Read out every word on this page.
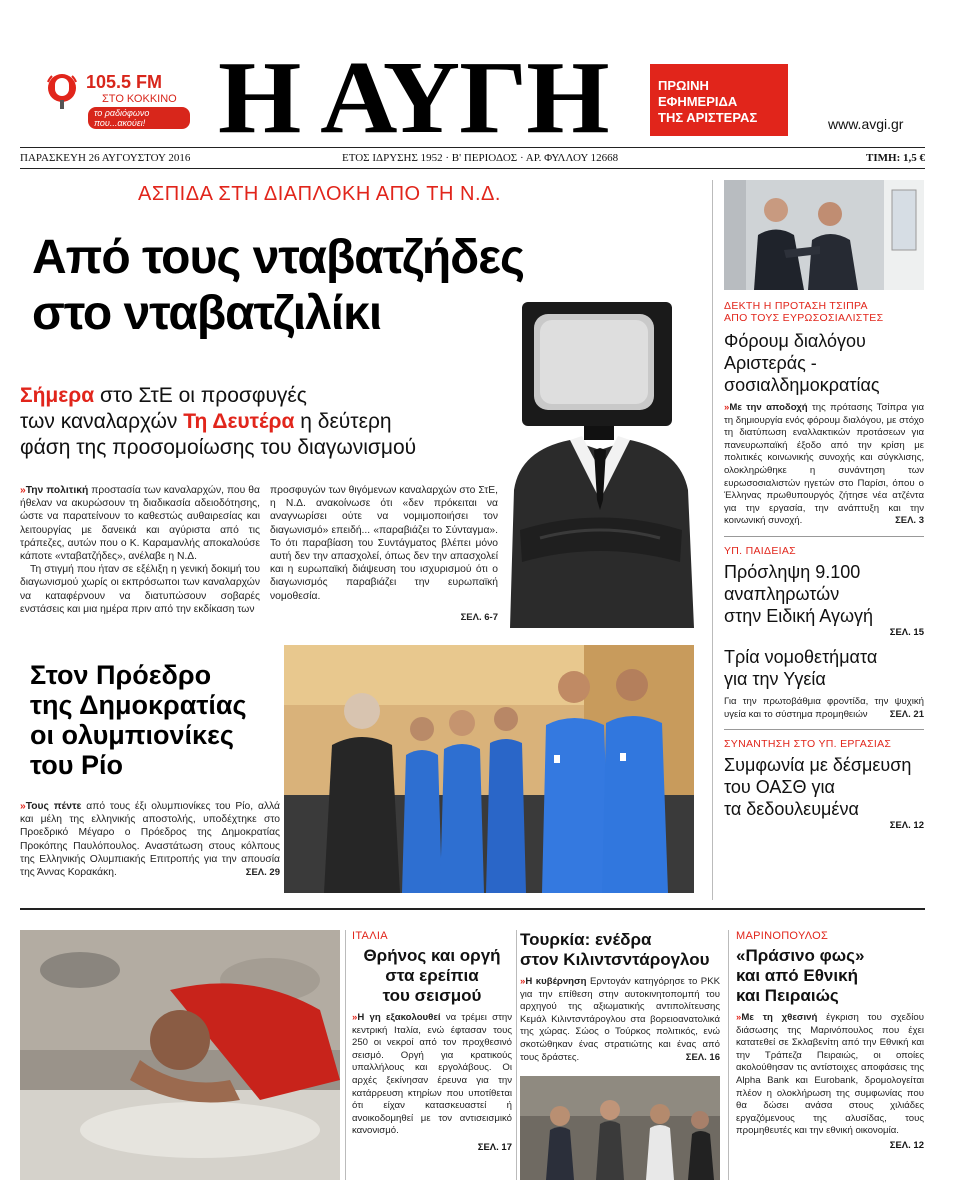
105.5 FM
ΣΤΟ ΚΟΚΚΙΝΟ
το ραδιόφωνο που...ακούει! Η ΑΥΓΗ	ΠΡΩΙΝΗ
ΕΦΗΜΕΡΙΔΑ
ΤΗΣ ΑΡΙΣΤΕΡΑΣ	www.avgi.gr
ΠΑΡΑΣΚΕΥΗ 26 ΑΥΓΟΥΣΤΟΥ 2016	ΕΤΟΣ ΙΔΡΥΣΗΣ 1952 · Β' ΠΕΡΙΟΔΟΣ · ΑΡ. ΦΥΛΛΟΥ 12668	ΤΙΜΗ: 1,5 €
ΑΣΠΙΔΑ ΣΤΗ ΔΙΑΠΛΟΚΗ ΑΠΟ ΤΗ Ν.Δ.
Από τους νταβατζήδες
στο νταβατζιλίκι
Σήμερα στο ΣτΕ οι προσφυγές
των καναλαρχών Τη Δευτέρα η δεύτερη
φάση της προσομοίωσης του διαγωνισμού

»Την πολιτική προστασία των καναλαρχών, που θα ήθελαν να ακυρώσουν τη διαδικασία αδειοδότησης, ώστε να παρατείνουν το καθεστώς αυθαιρεσίας και λειτουργίας με δανεικά και αγύριστα από τις τράπεζες, αυτών που ο Κ. Καραμανλής αποκαλούσε κάποτε «νταβατζήδες», ανέλαβε η Ν.Δ.

Τη στιγμή που ήταν σε εξέλιξη η γενική δοκιμή του διαγωνισμού χωρίς οι εκπρόσωποι των καναλαρχών να καταφέρνουν να διατυπώσουν σοβαρές ενστάσεις και μια ημέρα πριν από την εκδίκαση των

προσφυγών των θιγόμενων καναλαρχών στο ΣτΕ, η Ν.Δ. ανακοίνωσε ότι «δεν πρόκειται να αναγνωρίσει ούτε να νομιμοποιήσει τον διαγωνισμό» επειδή... «παραβιάζει το Σύνταγμα». Το ότι παραβίαση του Συντάγματος βλέπει μόνο αυτή δεν την απασχολεί, όπως δεν την απασχολεί και η ευρωπαϊκή διάψευση του ισχυρισμού ότι ο διαγωνισμός παραβιάζει την ευρωπαϊκή νομοθεσία.

ΣΕΛ. 6-7

ΔΕΚΤΗ Η ΠΡΟΤΑΣΗ ΤΣΙΠΡΑ
ΑΠΟ ΤΟΥΣ ΕΥΡΩΣΟΣΙΑΛΙΣΤΕΣ
Φόρουμ διαλόγου
Αριστεράς -
σοσιαλδημοκρατίας

»Με την αποδοχή της πρότασης Τσίπρα για τη δημιουργία ενός φόρουμ διαλόγου, με στόχο τη διατύπωση εναλλακτικών προτάσεων για πανευρωπαϊκή έξοδο από την κρίση με πολιτικές κοινωνικής συνοχής και σύγκλισης, ολοκληρώθηκε η συνάντηση των ευρωσοσιαλιστών ηγετών στο Παρίσι, όπου ο Έλληνας πρωθυπουργός ζήτησε νέα ατζέντα για την εργασία, την ανάπτυξη και την κοινωνική συνοχή.	ΣΕΛ. 3

ΥΠ. ΠΑΙΔΕΙΑΣ
Πρόσληψη 9.100
αναπληρωτών
στην Ειδική Αγωγή
ΣΕΛ. 15
Τρία νομοθετήματα
για την Υγεία

Για την πρωτοβάθμια φροντίδα, την ψυχική υγεία και το σύστημα προμηθειών ΣΕΛ. 21

ΣΥΝΑΝΤΗΣΗ ΣΤΟ ΥΠ. ΕΡΓΑΣΙΑΣ
Συμφωνία με δέσμευση
του ΟΑΣΘ για
τα δεδουλευμένα
ΣΕΛ. 12
Στον Πρόεδρο
της Δημοκρατίας
οι ολυμπιονίκες
του Ρίο

»Τους πέντε από τους έξι ολυμπιονίκες του Ρίο, αλλά και μέλη της ελληνικής αποστολής, υποδέχτηκε στο Προεδρικό Μέγαρο ο Πρόεδρος της Δημοκρατίας Προκόπης Παυλόπουλος. Αναστάτωση στους κόλπους της Ελληνικής Ολυμπιακής Επιτροπής για την απουσία της Άννας Κορακάκη.	ΣΕΛ. 29

ΙΤΑΛΙΑ
Θρήνος και οργή
στα ερείπια
του σεισμού

»Η γη εξακολουθεί να τρέμει στην κεντρική Ιταλία, ενώ έφτασαν τους 250 οι νεκροί από τον προχθεσινό σεισμό. Οργή για κρατικούς υπαλλήλους και εργολάβους. Οι αρχές ξεκίνησαν έρευνα για την κατάρρευση κτηρίων που υποτίθεται ότι είχαν κατασκευαστεί ή ανοικοδομηθεί με τον αντισεισμικό κανονισμό.

ΣΕΛ. 17
Τουρκία: ενέδρα
στον Κιλιντσντάρογλου

»Η κυβέρνηση Ερντογάν κατηγόρησε το ΡΚΚ για την επίθεση στην αυτοκινητοπομπή του αρχηγού της αξιωματικής αντιπολίτευσης Κεμάλ Κιλιντσντάρογλου στα βορειοανατολικά της χώρας. Σώος ο Τούρκος πολιτικός, ενώ σκοτώθηκαν ένας στρατιώτης και ένας από τους δράστες.	ΣΕΛ. 16

ΜΑΡΙΝΟΠΟΥΛΟΣ
«Πράσινο φως»
και από Εθνική
και Πειραιώς

»Με τη χθεσινή έγκριση του σχεδίου διάσωσης της Μαρινόπουλος που έχει κατατεθεί σε Σκλαβενίτη από την Εθνική και την Τράπεζα Πειραιώς, οι οποίες ακολούθησαν τις αντίστοιχες αποφάσεις της Alpha Bank και Eurobank, δρομολογείται πλέον η ολοκλήρωση της συμφωνίας που θα δώσει ανάσα στους χιλιάδες εργαζόμενους της αλυσίδας, τους προμηθευτές και την εθνική οικονομία.

ΣΕΛ. 12
